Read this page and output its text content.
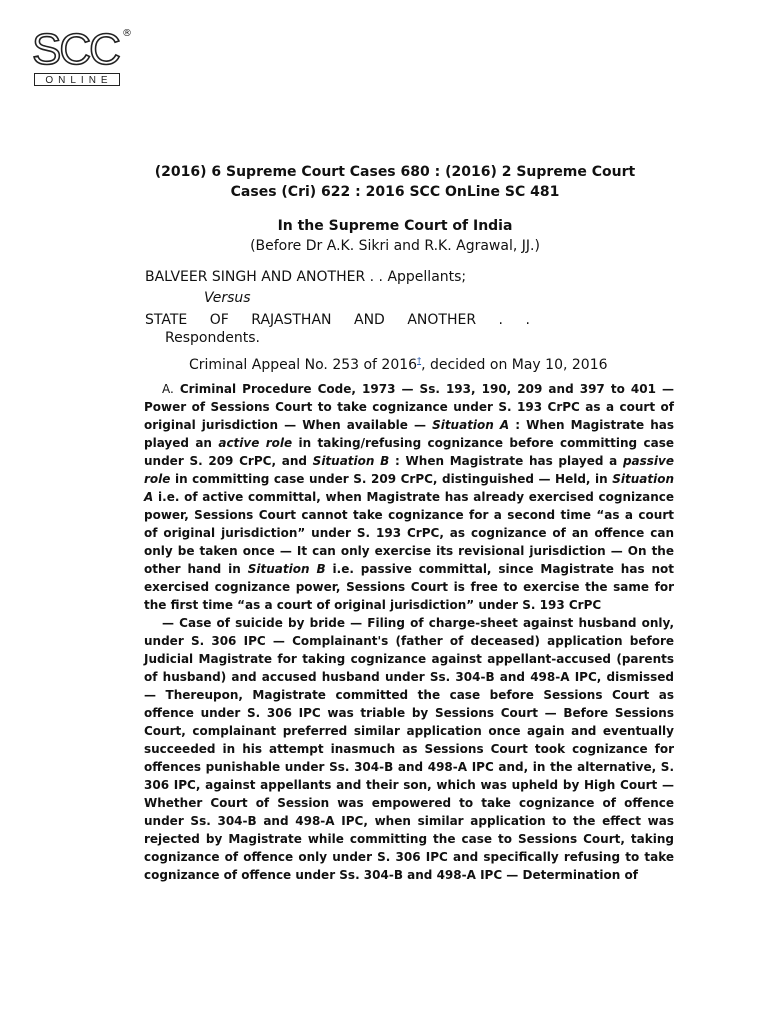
SCC ®
ONLINE
(2016) 6 Supreme Court Cases 680 : (2016) 2 Supreme Court
Cases (Cri) 622 : 2016 SCC OnLine SC 481
In the Supreme Court of India
(Before Dr A.K. Sikri and R.K. Agrawal, JJ.)
BALVEER SINGH AND ANOTHER . . Appellants;
Versus
STATE OF RAJASTHAN AND ANOTHER . .
Respondents.
Criminal Appeal No. 253 of 2016†, decided on May 10, 2016

A. Criminal Procedure Code, 1973 — Ss. 193, 190, 209 and 397 to 401 — Power of Sessions Court to take cognizance under S. 193 CrPC as a court of original jurisdiction — When available — Situation A : When Magistrate has played an active role in taking/refusing cognizance before committing case under S. 209 CrPC, and Situation B : When Magistrate has played a passive role in committing case under S. 209 CrPC, distinguished — Held, in Situation A i.e. of active committal, when Magistrate has already exercised cognizance power, Sessions Court cannot take cognizance for a second time “as a court of original jurisdiction” under S. 193 CrPC, as cognizance of an offence can only be taken once — It can only exercise its revisional jurisdiction — On the other hand in Situation B i.e. passive committal, since Magistrate has not exercised cognizance power, Sessions Court is free to exercise the same for the first time “as a court of original jurisdiction” under S. 193 CrPC

— Case of suicide by bride — Filing of charge-sheet against husband only, under S. 306 IPC — Complainant's (father of deceased) application before Judicial Magistrate for taking cognizance against appellant-accused (parents of husband) and accused husband under Ss. 304-B and 498-A IPC, dismissed — Thereupon, Magistrate committed the case before Sessions Court as offence under S. 306 IPC was triable by Sessions Court — Before Sessions Court, complainant preferred similar application once again and eventually succeeded in his attempt inasmuch as Sessions Court took cognizance for offences punishable under Ss. 304-B and 498-A IPC and, in the alternative, S. 306 IPC, against appellants and their son, which was upheld by High Court — Whether Court of Session was empowered to take cognizance of offence under Ss. 304-B and 498-A IPC, when similar application to the effect was rejected by Magistrate while committing the case to Sessions Court, taking cognizance of offence only under S. 306 IPC and specifically refusing to take cognizance of offence under Ss. 304-B and 498-A IPC — Determination of
